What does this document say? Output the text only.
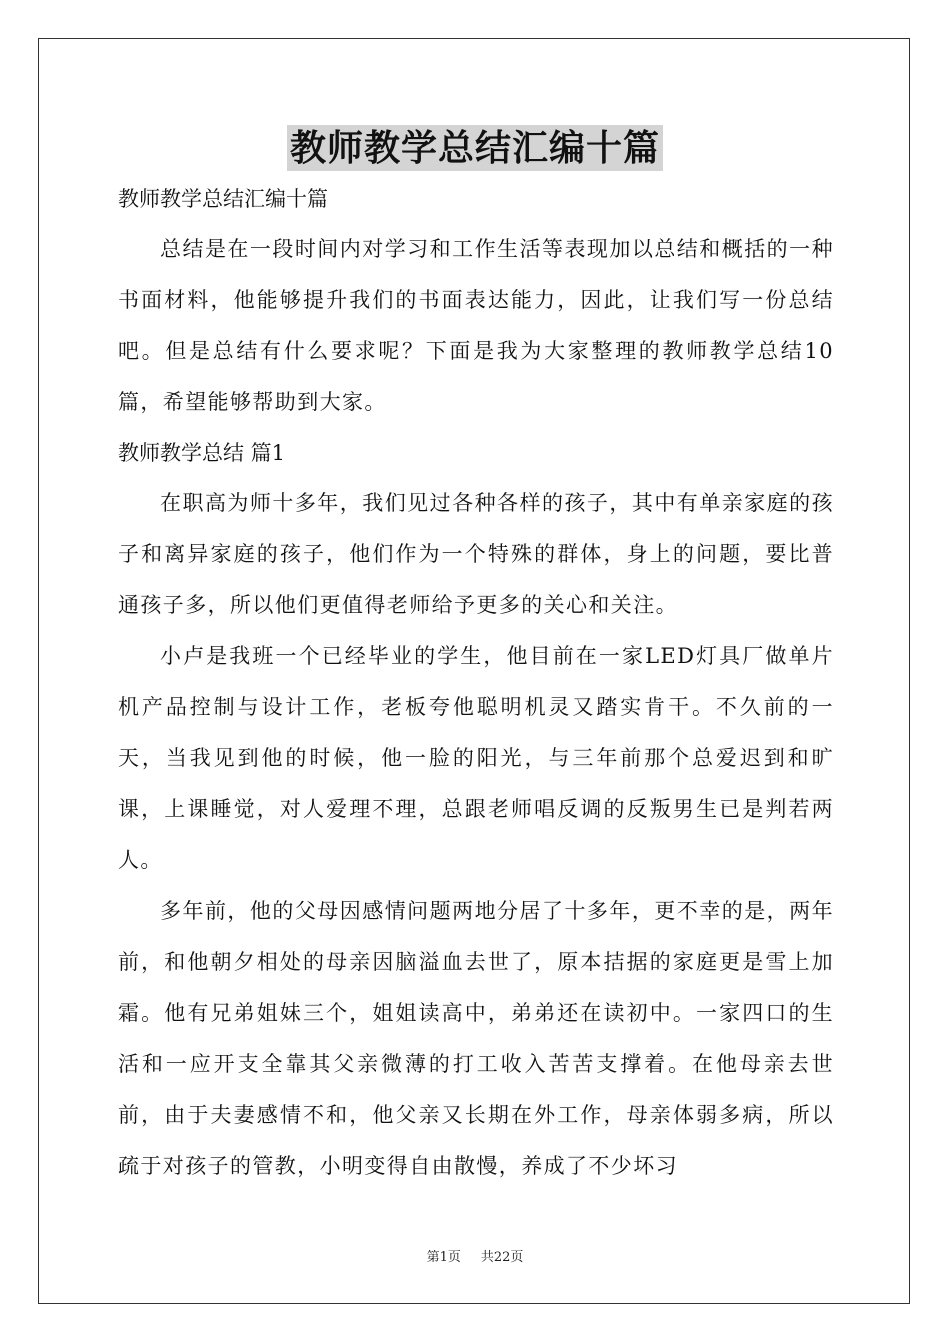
教师教学总结汇编十篇

教师教学总结汇编十篇

总结是在一段时间内对学习和工作生活等表现加以总结和概括的一种书面材料，他能够提升我们的书面表达能力，因此，让我们写一份总结吧。但是总结有什么要求呢？下面是我为大家整理的教师教学总结10篇，希望能够帮助到大家。

教师教学总结 篇1

在职高为师十多年，我们见过各种各样的孩子，其中有单亲家庭的孩子和离异家庭的孩子，他们作为一个特殊的群体，身上的问题，要比普通孩子多，所以他们更值得老师给予更多的关心和关注。

小卢是我班一个已经毕业的学生，他目前在一家LED灯具厂做单片机产品控制与设计工作，老板夸他聪明机灵又踏实肯干。不久前的一天，当我见到他的时候，他一脸的阳光，与三年前那个总爱迟到和旷课，上课睡觉，对人爱理不理，总跟老师唱反调的反叛男生已是判若两人。

多年前，他的父母因感情问题两地分居了十多年，更不幸的是，两年前，和他朝夕相处的母亲因脑溢血去世了，原本拮据的家庭更是雪上加霜。他有兄弟姐妹三个，姐姐读高中，弟弟还在读初中。一家四口的生活和一应开支全靠其父亲微薄的打工收入苦苦支撑着。在他母亲去世前，由于夫妻感情不和，他父亲又长期在外工作，母亲体弱多病，所以疏于对孩子的管教，小明变得自由散慢，养成了不少坏习

第1页 共22页
